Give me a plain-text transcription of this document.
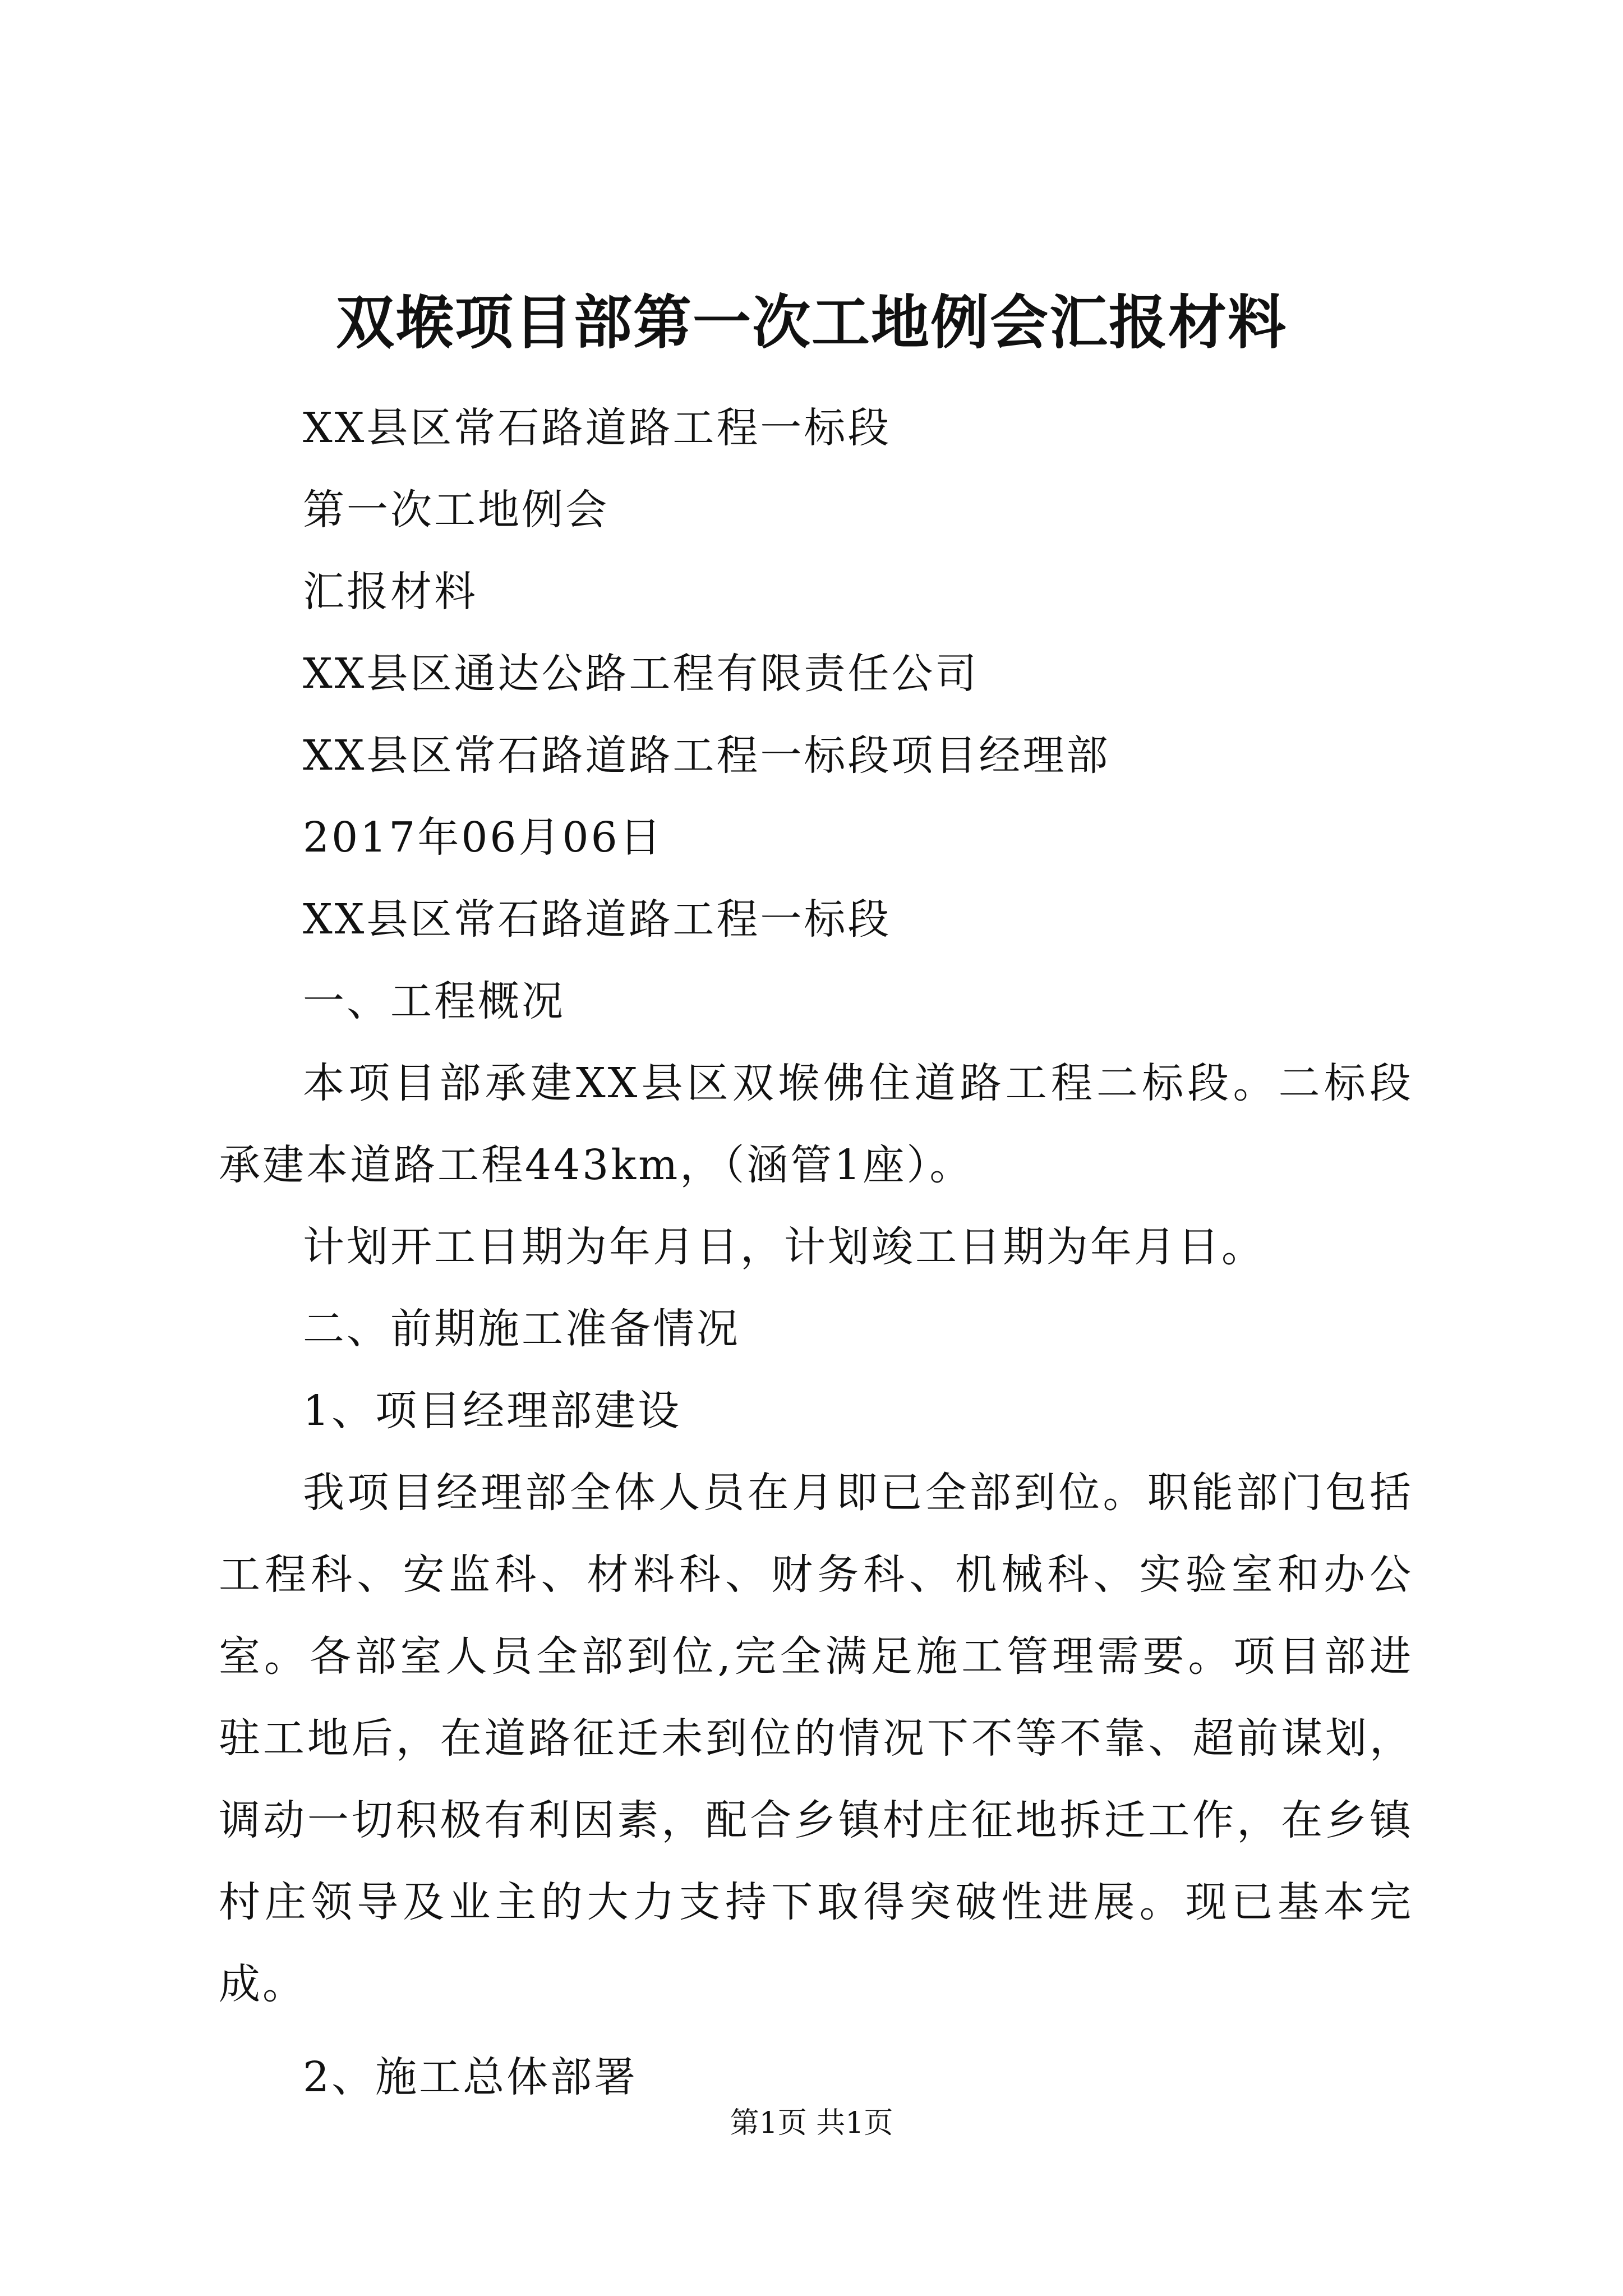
双堠项目部第一次工地例会汇报材料

XX县区常石路道路工程一标段

第一次工地例会

汇报材料

XX县区通达公路工程有限责任公司

XX县区常石路道路工程一标段项目经理部

2017年06月06日

XX县区常石路道路工程一标段

一、工程概况

本项目部承建XX县区双堠佛住道路工程二标段。二标段承建本道路工程443km，（涵管1座）。

计划开工日期为年月日，计划竣工日期为年月日。

二、前期施工准备情况

1、项目经理部建设

我项目经理部全体人员在月即已全部到位。职能部门包括工程科、安监科、材料科、财务科、机械科、实验室和办公室。各部室人员全部到位,完全满足施工管理需要。项目部进驻工地后，在道路征迁未到位的情况下不等不靠、超前谋划，调动一切积极有利因素，配合乡镇村庄征地拆迁工作，在乡镇村庄领导及业主的大力支持下取得突破性进展。现已基本完成。

2、施工总体部署

第1页 共1页
